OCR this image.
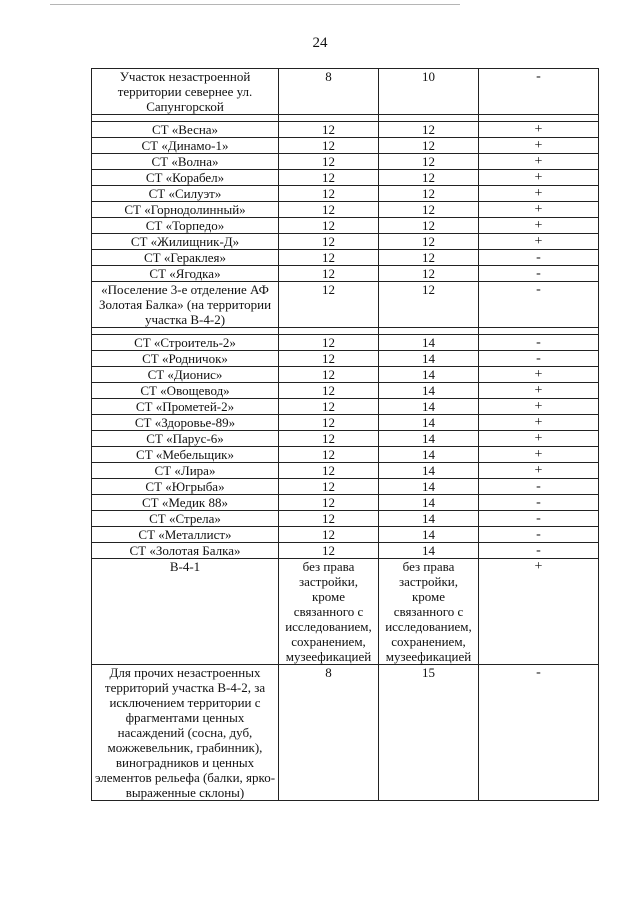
24
Участок незастроенной территории севернее ул. Сапунгорской	8	10	-

СТ «Весна»	12	12	+
СТ «Динамо-1»	12	12	+
СТ «Волна»	12	12	+
СТ «Корабел»	12	12	+
СТ «Силуэт»	12	12	+
СТ «Горнодолинный»	12	12	+
СТ «Торпедо»	12	12	+
СТ «Жилищник-Д»	12	12	+
СТ «Гераклея»	12	12	-
СТ «Ягодка»	12	12	-
«Поселение 3-е отделение АФ Золотая Балка» (на территории участка В-4-2)	12	12	-

СТ «Строитель-2»	12	14	-
СТ «Родничок»	12	14	-
СТ «Дионис»	12	14	+
СТ «Овощевод»	12	14	+
СТ «Прометей-2»	12	14	+
СТ «Здоровье-89»	12	14	+
СТ «Парус-6»	12	14	+
СТ «Мебельщик»	12	14	+
СТ «Лира»	12	14	+
СТ «Югрыба»	12	14	-
СТ «Медик 88»	12	14	-
СТ «Стрела»	12	14	-
СТ «Металлист»	12	14	-
СТ «Золотая Балка»	12	14	-
В-4-1	без права застройки, кроме связанного с исследованием, сохранением, музеефикацией	без права застройки, кроме связанного с исследованием, сохранением, музеефикацией	+
Для прочих незастроенных территорий участка В-4-2, за исключением территории с фрагментами ценных насаждений (сосна, дуб, можжевельник, грабинник), виноградников и ценных элементов рельефа (балки, ярко-выраженные склоны)	8	15	-
